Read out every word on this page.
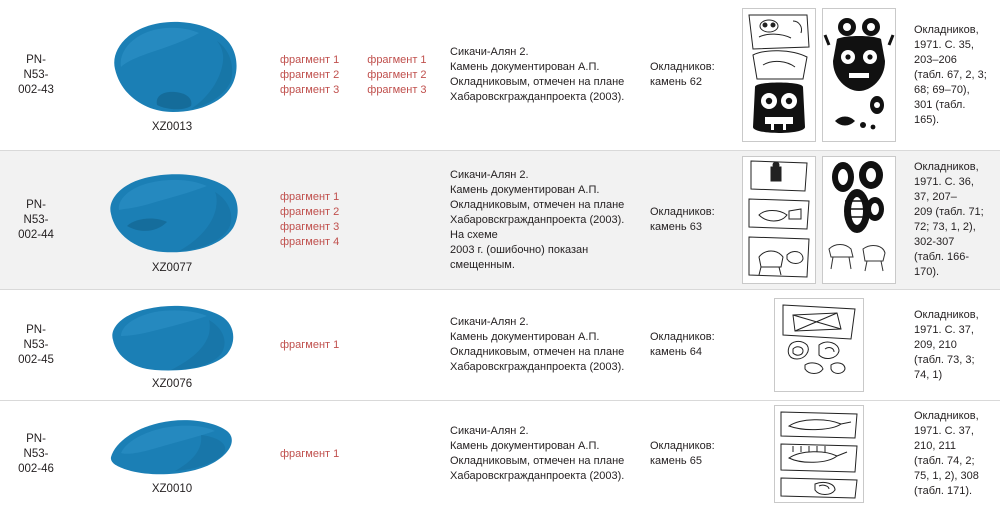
PN-
N53-
002-43
XZ0013
фрагмент 1
фрагмент 2
фрагмент 3
фрагмент 1
фрагмент 2
фрагмент 3
Сикачи-Алян 2.
Камень документирован А.П.
Окладниковым, отмечен на плане
Хабаровскгражданпроекта (2003).
Окладников:
камень 62
Окладников, 1971. С. 35, 203–206
(табл. 67, 2, 3; 68; 69–70), 301 (табл.
165).
PN-
N53-
002-44
XZ0077
фрагмент 1
фрагмент 2
фрагмент 3
фрагмент 4
Сикачи-Алян 2.
Камень документирован А.П.
Окладниковым, отмечен на плане
Хабаровскгражданпроекта (2003). На схеме
2003 г. (ошибочно) показан смещенным.
Окладников:
камень 63
Окладников, 1971. С. 36, 37, 207–
209 (табл. 71; 72; 73, 1, 2), 302-307
(табл. 166-170).
PN-
N53-
002-45
XZ0076
фрагмент 1
Сикачи-Алян 2.
Камень документирован А.П.
Окладниковым, отмечен на плане
Хабаровскгражданпроекта (2003).
Окладников:
камень 64
Окладников, 1971. С. 37, 209, 210
(табл. 73, 3; 74, 1)
PN-
N53-
002-46
XZ0010
фрагмент 1
Сикачи-Алян 2.
Камень документирован А.П.
Окладниковым, отмечен на плане
Хабаровскгражданпроекта (2003).
Окладников:
камень 65
Окладников, 1971. С. 37, 210, 211
(табл. 74, 2; 75, 1, 2), 308 (табл. 171).
